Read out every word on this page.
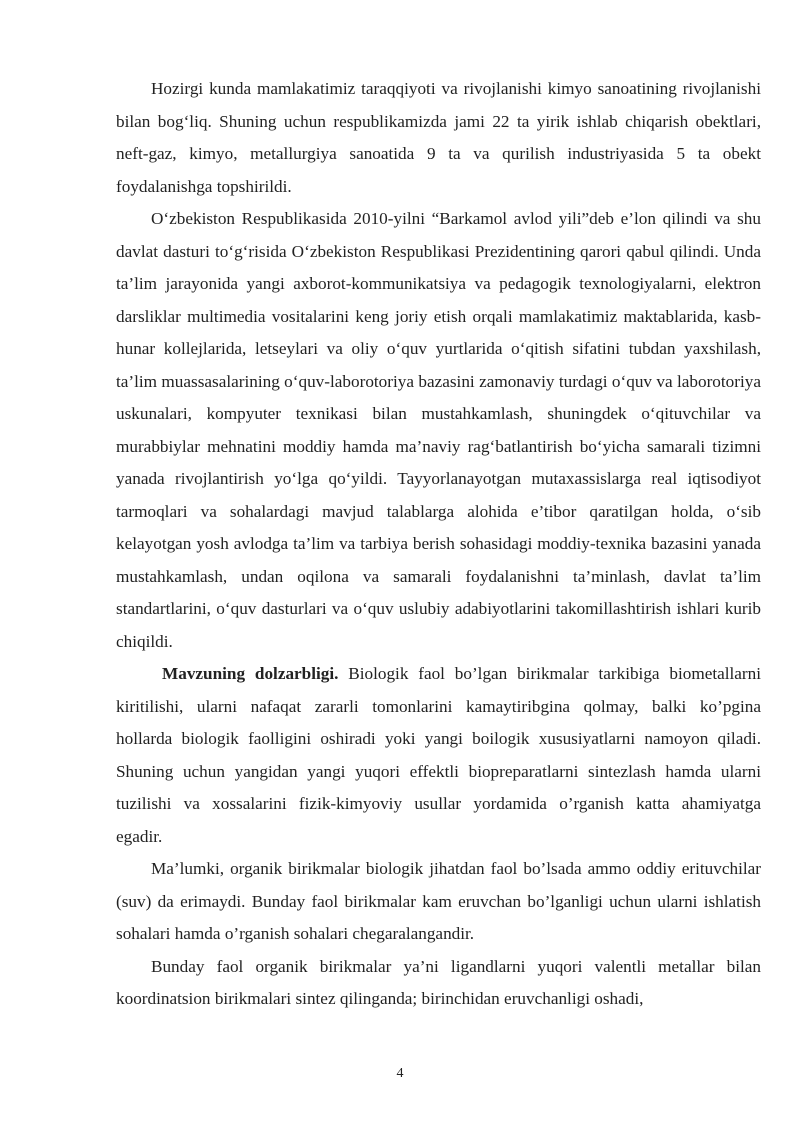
Hozirgi kunda mamlakatimiz taraqqiyoti va rivojlanishi kimyo sanoatining rivojlanishi bilan bog‘liq. Shuning uchun respublikamizda jami 22 ta yirik ishlab chiqarish obektlari, neft-gaz, kimyo, metallurgiya sanoatida 9 ta va qurilish industriyasida 5 ta obekt foydalanishga topshirildi.

O‘zbekiston Respublikasida 2010-yilni “Barkamol avlod yili”deb e’lon qilindi va shu davlat dasturi to‘g‘risida O‘zbekiston Respublikasi Prezidentining qarori qabul qilindi. Unda ta’lim jarayonida yangi axborot-kommunikatsiya va pedagogik texnologiyalarni, elektron darsliklar multimedia vositalarini keng joriy etish orqali mamlakatimiz maktablarida, kasb-hunar kollejlarida, letseylari va oliy o‘quv yurtlarida o‘qitish sifatini tubdan yaxshilash, ta’lim muassasalarining o‘quv-laborotoriya bazasini zamonaviy turdagi o‘quv va laborotoriya uskunalari, kompyuter texnikasi bilan mustahkamlash, shuningdek o‘qituvchilar va murabbiylar mehnatini moddiy hamda ma’naviy rag‘batlantirish bo‘yicha samarali tizimni yanada rivojlantirish yo‘lga qo‘yildi. Tayyorlanayotgan mutaxassislarga real iqtisodiyot tarmoqlari va sohalardagi mavjud talablarga alohida e’tibor qaratilgan holda, o‘sib kelayotgan yosh avlodga ta’lim va tarbiya berish sohasidagi moddiy-texnika bazasini yanada mustahkamlash, undan oqilona va samarali foydalanishni ta’minlash, davlat ta’lim standartlarini, o‘quv dasturlari va o‘quv uslubiy adabiyotlarini takomillashtirish ishlari kurib chiqildi.

Mavzuning dolzarbligi. Biologik faol bo’lgan birikmalar tarkibiga biometallarni kiritilishi, ularni nafaqat zararli tomonlarini kamaytiribgina qolmay, balki ko’pgina hollarda biologik faolligini oshiradi yoki yangi boilogik xususiyatlarni namoyon qiladi. Shuning uchun yangidan yangi yuqori effektli biopreparatlarni sintezlash hamda ularni tuzilishi va xossalarini fizik-kimyoviy usullar yordamida o’rganish katta ahamiyatga egadir.

Ma’lumki, organik birikmalar biologik jihatdan faol bo’lsada ammo oddiy erituvchilar (suv) da erimaydi. Bunday faol birikmalar kam eruvchan bo’lganligi uchun ularni ishlatish sohalari hamda o’rganish sohalari chegaralangandir.

Bunday faol organik birikmalar ya’ni ligandlarni yuqori valentli metallar bilan koordinatsion birikmalari sintez qilinganda; birinchidan eruvchanligi oshadi,

4
